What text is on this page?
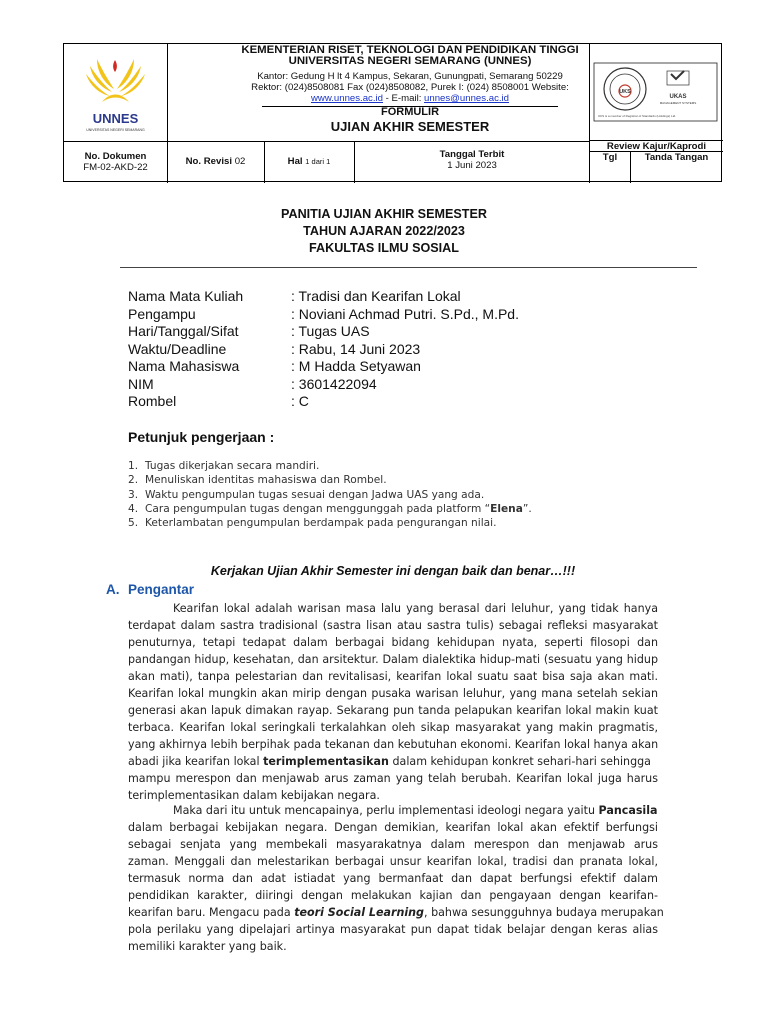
UNNES
UNIVERSITAS NEGERI SEMARANG
KEMENTERIAN RISET, TEKNOLOGI DAN PENDIDIKAN TINGGI
UNIVERSITAS NEGERI SEMARANG (UNNES)
Kantor: Gedung H lt 4 Kampus, Sekaran, Gunungpati, Semarang 50229
Rektor: (024)8508081 Fax (024)8508082, Purek I: (024) 8508001 Website:
www.unnes.ac.id - E-mail: unnes@unnes.ac.id
FORMULIR
UJIAN AKHIR SEMESTER
UKS
UKAS
MANAGEMENT SYSTEMS
UKS is a member of Registrar of Standards (Holdings) Ltd.
No. Dokumen
FM-02-AKD-22
No. Revisi 02	Hal 1 dari 1
Tanggal Terbit
1 Juni 2023
Review Kajur/Kaprodi
Tgl	Tanda Tangan
PANITIA UJIAN AKHIR SEMESTER
TAHUN AJARAN 2022/2023
FAKULTAS ILMU SOSIAL
Nama Mata Kuliah	: Tradisi dan Kearifan Lokal
Pengampu	: Noviani Achmad Putri. S.Pd., M.Pd.
Hari/Tanggal/Sifat	: Tugas UAS
Waktu/Deadline	: Rabu, 14 Juni 2023
Nama Mahasiswa	: M Hadda Setyawan
NIM	: 3601422094
Rombel	: C
Petunjuk pengerjaan :
1. Tugas dikerjakan secara mandiri.
2. Menuliskan identitas mahasiswa dan Rombel.
3. Waktu pengumpulan tugas sesuai dengan Jadwa UAS yang ada.
4. Cara pengumpulan tugas dengan menggunggah pada platform “Elena”.
5. Keterlambatan pengumpulan berdampak pada pengurangan nilai.
Kerjakan Ujian Akhir Semester ini dengan baik dan benar…!!!
A. Pengantar
Kearifan lokal adalah warisan masa lalu yang berasal dari leluhur, yang tidak hanya
terdapat dalam sastra tradisional (sastra lisan atau sastra tulis) sebagai refleksi masyarakat
penuturnya, tetapi tedapat dalam berbagai bidang kehidupan nyata, seperti filosopi dan
pandangan hidup, kesehatan, dan arsitektur. Dalam dialektika hidup-mati (sesuatu yang hidup
akan mati), tanpa pelestarian dan revitalisasi, kearifan lokal suatu saat bisa saja akan mati.
Kearifan lokal mungkin akan mirip dengan pusaka warisan leluhur, yang mana setelah sekian
generasi akan lapuk dimakan rayap. Sekarang pun tanda pelapukan kearifan lokal makin kuat
terbaca. Kearifan lokal seringkali terkalahkan oleh sikap masyarakat yang makin pragmatis,
yang akhirnya lebih berpihak pada tekanan dan kebutuhan ekonomi. Kearifan lokal hanya akan
abadi jika kearifan lokal terimplementasikan dalam kehidupan konkret sehari-hari sehingga
mampu merespon dan menjawab arus zaman yang telah berubah. Kearifan lokal juga harus
terimplementasikan dalam kebijakan negara.
Maka dari itu untuk mencapainya, perlu implementasi ideologi negara yaitu Pancasila
dalam berbagai kebijakan negara. Dengan demikian, kearifan lokal akan efektif berfungsi
sebagai senjata yang membekali masyarakatnya dalam merespon dan menjawab arus
zaman. Menggali dan melestarikan berbagai unsur kearifan lokal, tradisi dan pranata lokal,
termasuk norma dan adat istiadat yang bermanfaat dan dapat berfungsi efektif dalam
pendidikan karakter, diiringi dengan melakukan kajian dan pengayaan dengan kearifan-
kearifan baru. Mengacu pada teori Social Learning, bahwa sesungguhnya budaya merupakan
pola perilaku yang dipelajari artinya masyarakat pun dapat tidak belajar dengan keras alias
memiliki karakter yang baik.
